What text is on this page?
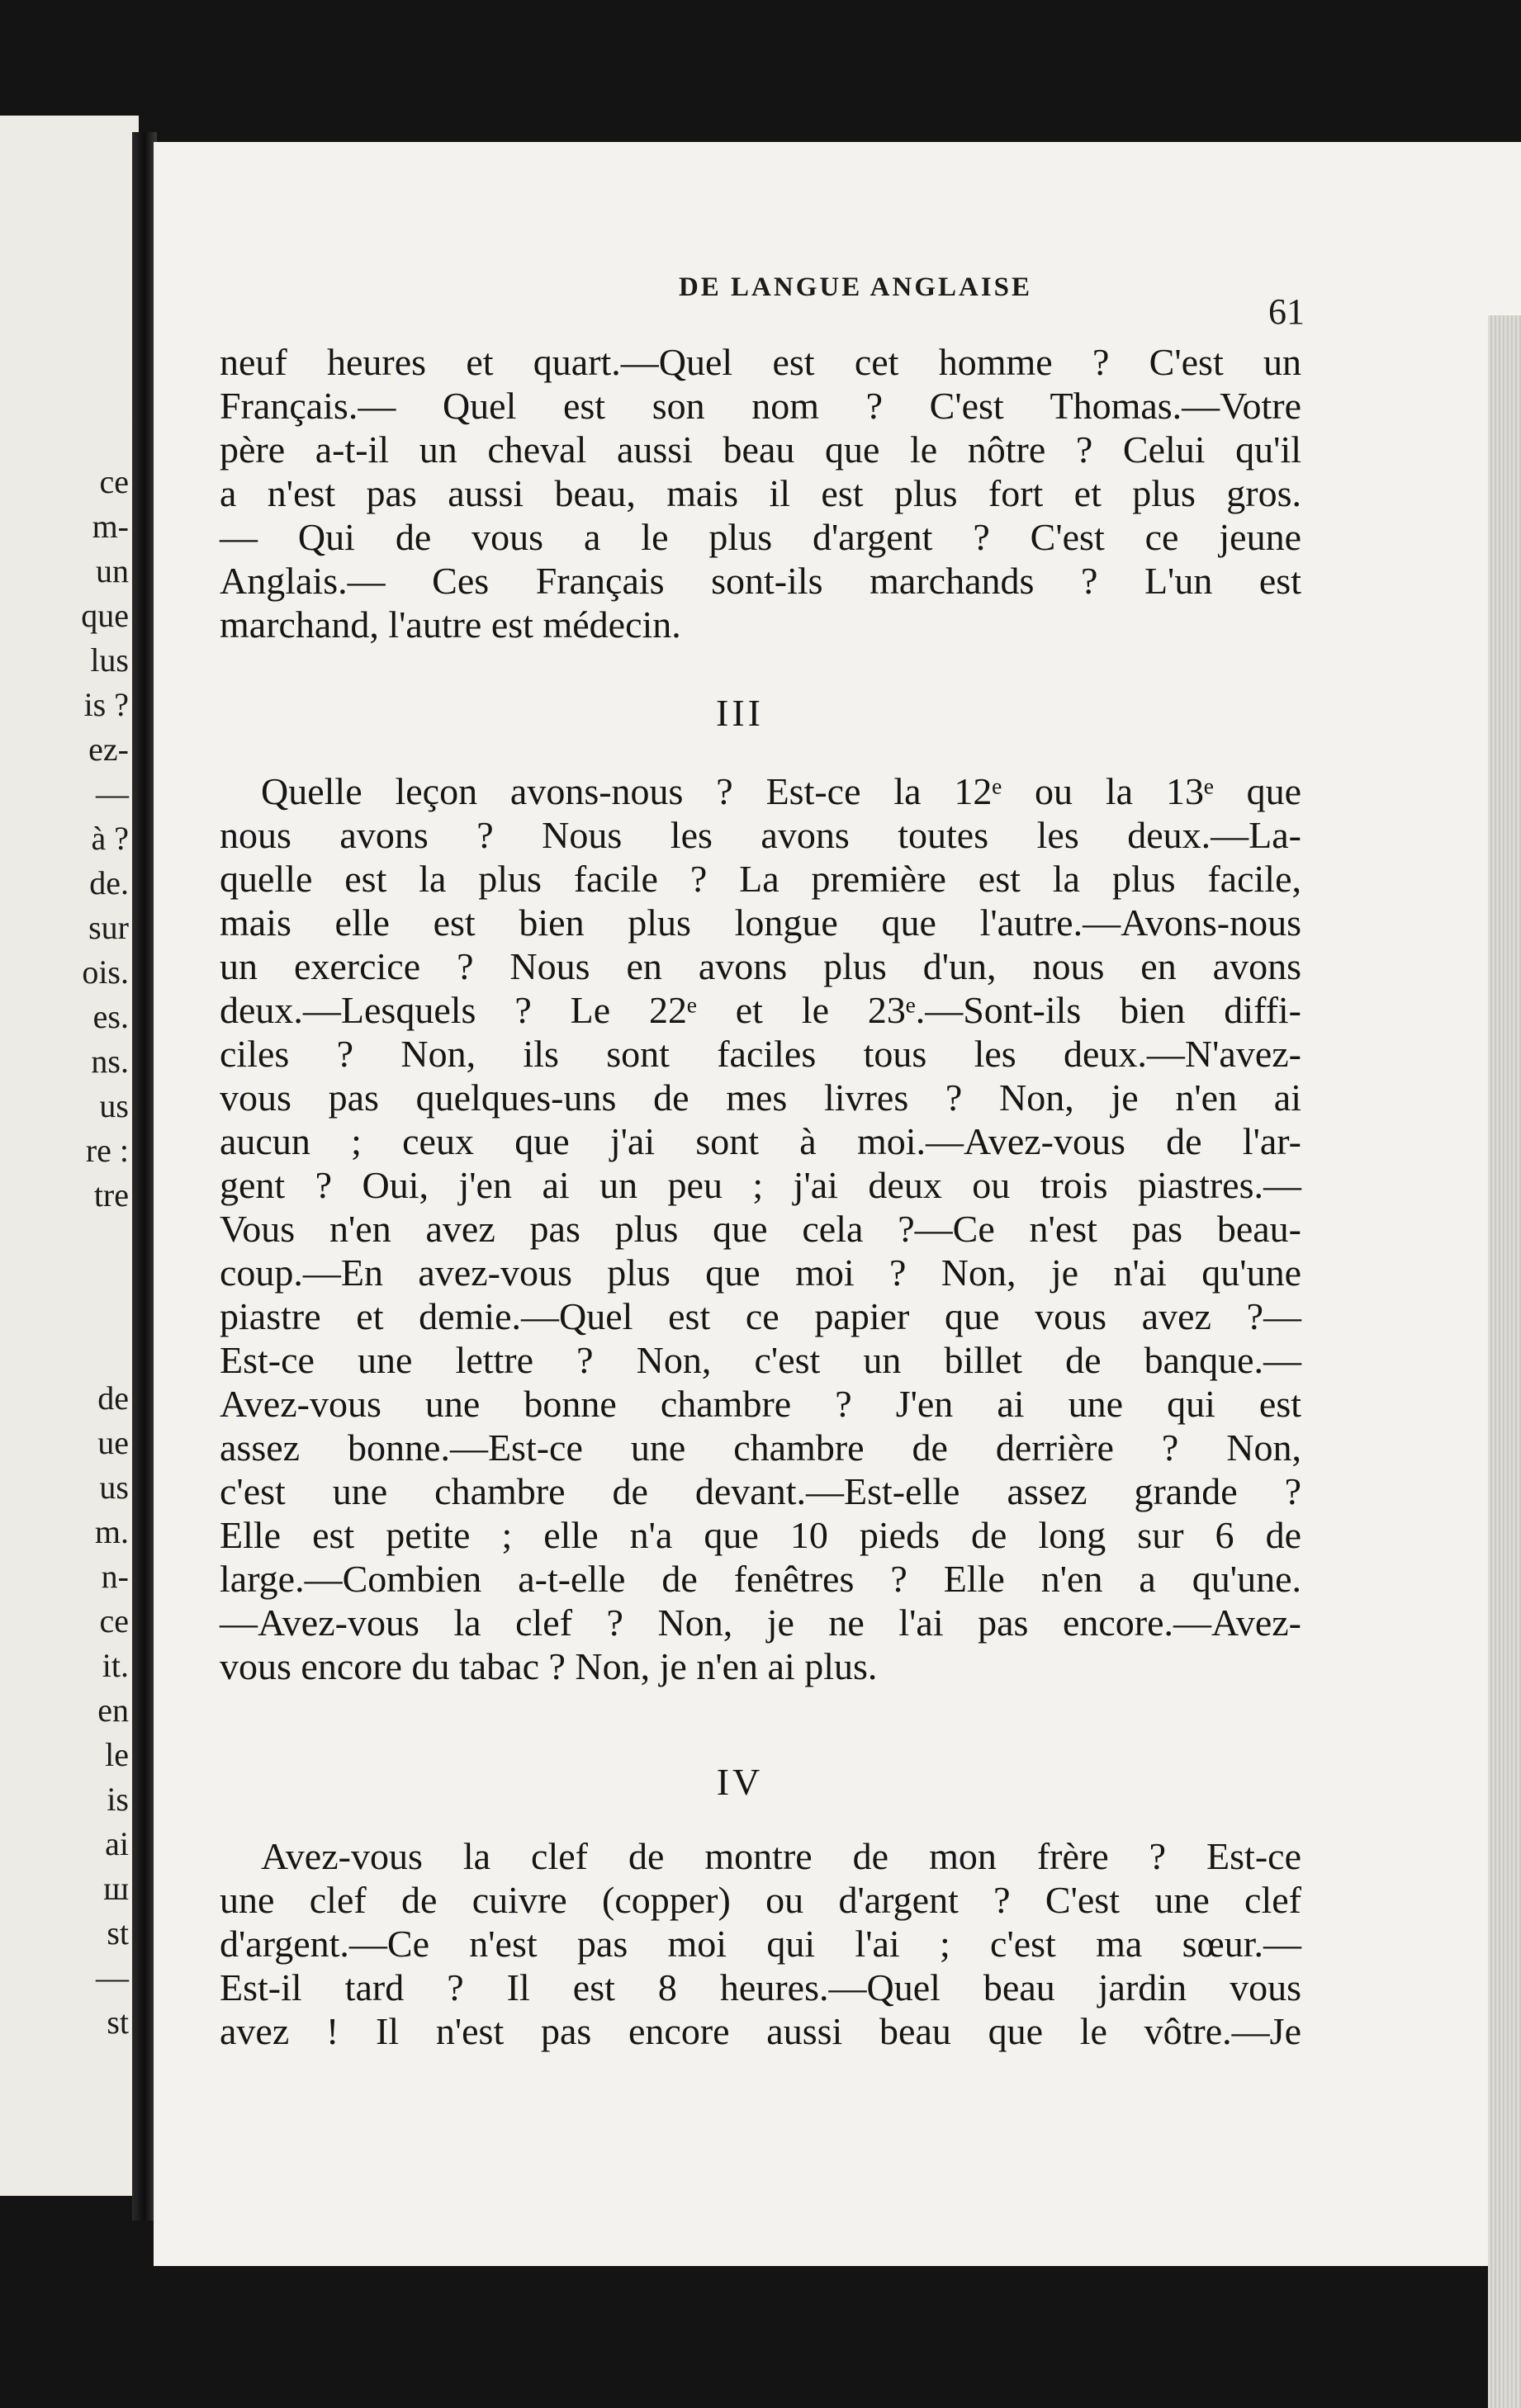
ce
m-
un
que
lus
is ?
ez-
—
à ?
de.
sur
ois.
es.
ns.
us
re :
tre
de
ue
us
m.
n-
ce
it.
en
le
is
ai
ш
st
—
st
DE LANGUE ANGLAISE
61
neuf heures et quart.—Quel est cet homme ? C'est un
Français.— Quel est son nom ? C'est Thomas.—Votre
père a-t-il un cheval aussi beau que le nôtre ? Celui qu'il
a n'est pas aussi beau, mais il est plus fort et plus gros.
— Qui de vous a le plus d'argent ? C'est ce jeune
Anglais.— Ces Français sont-ils marchands ? L'un est
marchand, l'autre est médecin.
III
Quelle leçon avons-nous ? Est-ce la 12ᵉ ou la 13ᵉ que
nous avons ? Nous les avons toutes les deux.—La-
quelle est la plus facile ? La première est la plus facile,
mais elle est bien plus longue que l'autre.—Avons-nous
un exercice ? Nous en avons plus d'un, nous en avons
deux.—Lesquels ? Le 22ᵉ et le 23ᵉ.—Sont-ils bien diffi-
ciles ? Non, ils sont faciles tous les deux.—N'avez-
vous pas quelques-uns de mes livres ? Non, je n'en ai
aucun ; ceux que j'ai sont à moi.—Avez-vous de l'ar-
gent ? Oui, j'en ai un peu ; j'ai deux ou trois piastres.—
Vous n'en avez pas plus que cela ?—Ce n'est pas beau-
coup.—En avez-vous plus que moi ? Non, je n'ai qu'une
piastre et demie.—Quel est ce papier que vous avez ?—
Est-ce une lettre ? Non, c'est un billet de banque.—
Avez-vous une bonne chambre ? J'en ai une qui est
assez bonne.—Est-ce une chambre de derrière ? Non,
c'est une chambre de devant.—Est-elle assez grande ?
Elle est petite ; elle n'a que 10 pieds de long sur 6 de
large.—Combien a-t-elle de fenêtres ? Elle n'en a qu'une.
—Avez-vous la clef ? Non, je ne l'ai pas encore.—Avez-
vous encore du tabac ? Non, je n'en ai plus.
IV
Avez-vous la clef de montre de mon frère ? Est-ce
une clef de cuivre (copper) ou d'argent ? C'est une clef
d'argent.—Ce n'est pas moi qui l'ai ; c'est ma sœur.—
Est-il tard ? Il est 8 heures.—Quel beau jardin vous
avez ! Il n'est pas encore aussi beau que le vôtre.—Je
